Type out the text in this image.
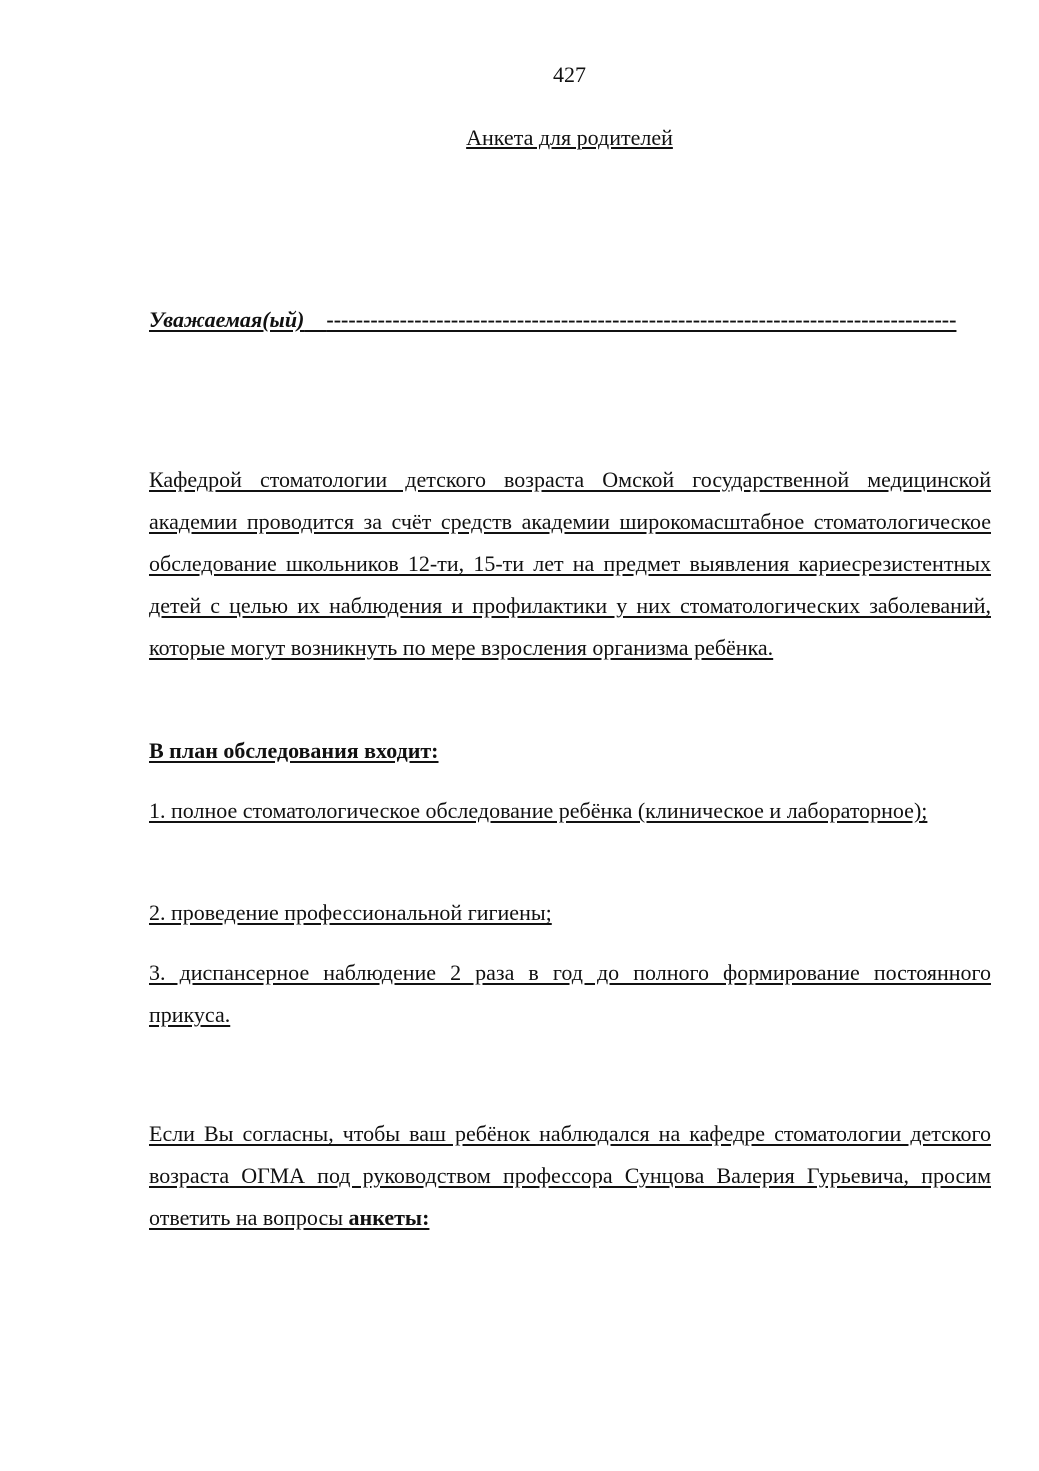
427
Анкета для родителей
Уважаемая(ый) --------------------------------------------------------------------------------------
Кафедрой стоматологии детского возраста Омской государственной медицинской академии проводится за счёт средств академии широкомасштабное стоматологическое обследование школьников 12-ти, 15-ти лет на предмет выявления кариесрезистентных детей с целью их наблюдения и профилактики у них стоматологических заболеваний, которые могут возникнуть по мере взросления организма ребёнка.
В план обследования входит:
1. полное стоматологическое обследование ребёнка (клиническое и лабораторное);
2. проведение профессиональной гигиены;
3. диспансерное наблюдение 2 раза в год до полного формирование постоянного прикуса.
Если Вы согласны, чтобы ваш ребёнок наблюдался на кафедре стоматологии детского возраста ОГМА под руководством профессора Сунцова Валерия Гурьевича, просим ответить на вопросы анкеты:
